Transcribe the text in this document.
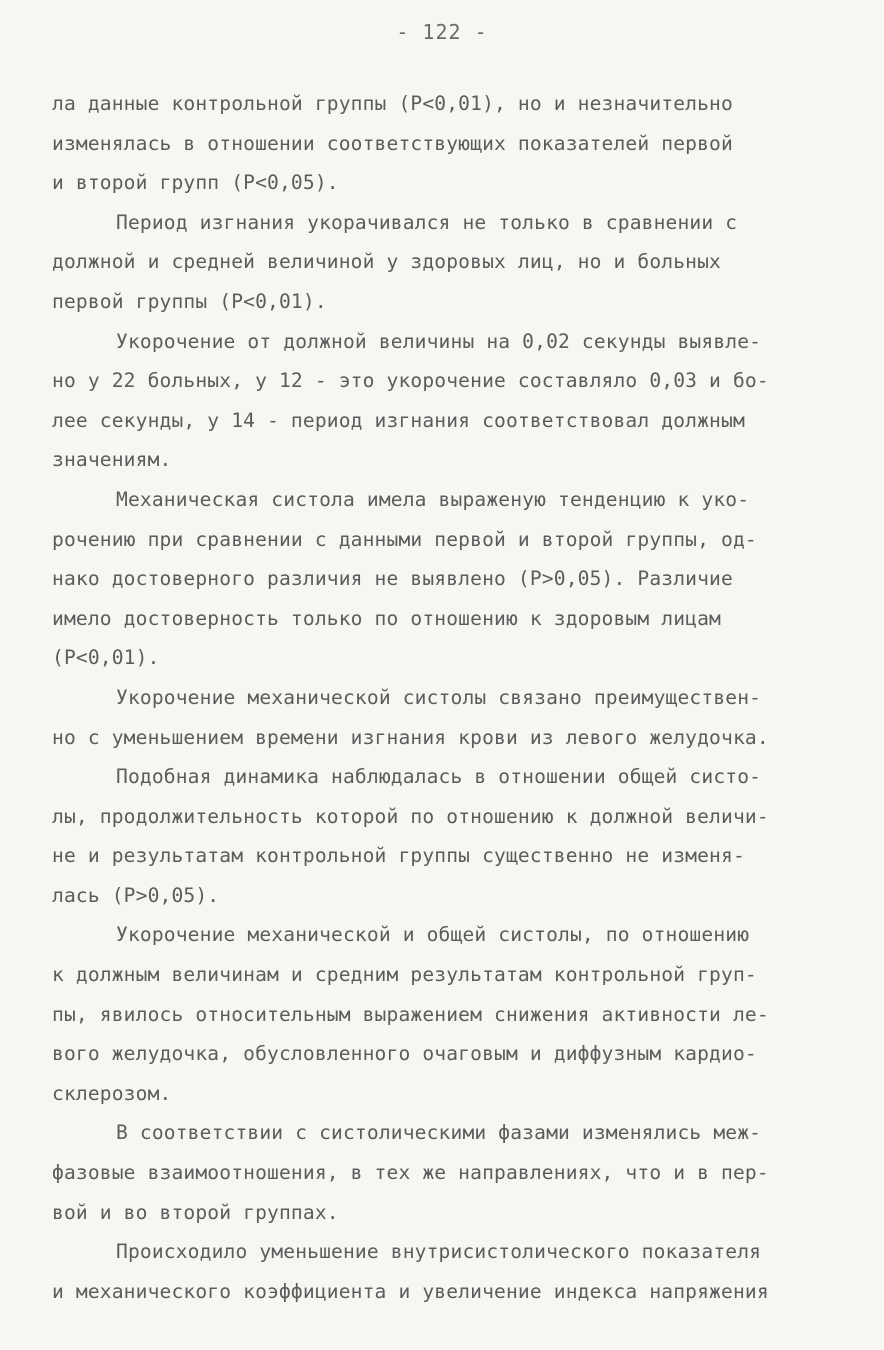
- 122 -
ла данные контрольной группы (P<0,01), но и незначительно
изменялась в отношении соответствующих показателей первой
и второй групп (P<0,05).
Период изгнания укорачивался не только в сравнении с
должной и средней величиной у здоровых лиц, но и больных
первой группы (P<0,01).
Укорочение от должной величины на 0,02 секунды выявле-
но у 22 больных, у 12 - это укорочение составляло 0,03 и бо-
лее секунды, у 14 - период изгнания соответствовал должным
значениям.
Механическая систола имела выраженую тенденцию к уко-
рочению при сравнении с данными первой и второй группы, од-
нако достоверного различия не выявлено (P>0,05). Различие
имело достоверность только по отношению к здоровым лицам
(P<0,01).
Укорочение механической систолы связано преимуществен-
но с уменьшением времени изгнания крови из левого желудочка.
Подобная динамика наблюдалась в отношении общей систо-
лы, продолжительность которой по отношению к должной величи-
не и результатам контрольной группы существенно не изменя-
лась (P>0,05).
Укорочение механической и общей систолы, по отношению
к должным величинам и средним результатам контрольной груп-
пы, явилось относительным выражением снижения активности ле-
вого желудочка, обусловленного очаговым и диффузным кардио-
склерозом.
В соответствии с систолическими фазами изменялись меж-
фазовые взаимоотношения, в тех же направлениях, что и в пер-
вой и во второй группах.
Происходило уменьшение внутрисистолического показателя
и механического коэффициента и увеличение индекса напряжения
